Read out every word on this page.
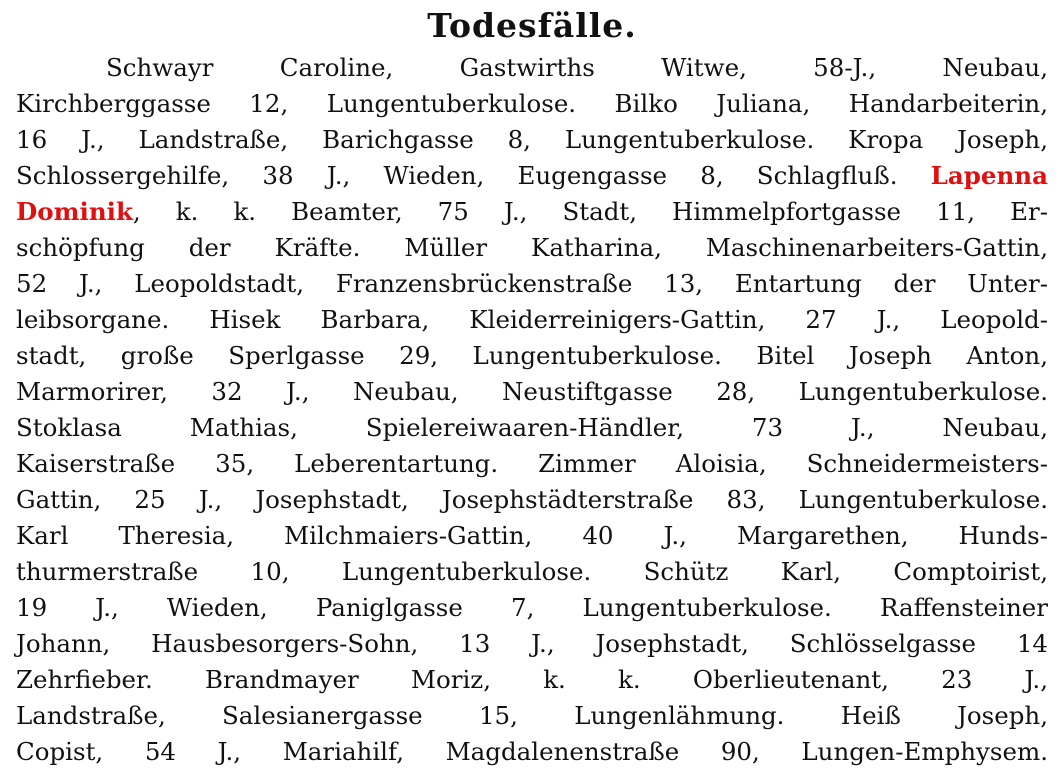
Todesfälle.
Schwayr Caroline, Gastwirths Witwe, 58-J., Neubau,
Kirchberggasse 12, Lungentuberkulose. Bilko Juliana, Handarbeiterin,
16 J., Landstraße, Barichgasse 8, Lungentuberkulose. Kropa Joseph,
Schlossergehilfe, 38 J., Wieden, Eugengasse 8, Schlagfluß. Lapenna
Dominik, k. k. Beamter, 75 J., Stadt, Himmelpfortgasse 11, Er-
schöpfung der Kräfte. Müller Katharina, Maschinenarbeiters-Gattin,
52 J., Leopoldstadt, Franzensbrückenstraße 13, Entartung der Unter-
leibsorgane. Hisek Barbara, Kleiderreinigers-Gattin, 27 J., Leopold-
stadt, große Sperlgasse 29, Lungentuberkulose. Bitel Joseph Anton,
Marmorirer, 32 J., Neubau, Neustiftgasse 28, Lungentuberkulose.
Stoklasa Mathias, Spielereiwaaren-Händler, 73 J., Neubau,
Kaiserstraße 35, Leberentartung. Zimmer Aloisia, Schneidermeisters-
Gattin, 25 J., Josephstadt, Josephstädterstraße 83, Lungentuberkulose.
Karl Theresia, Milchmaiers-Gattin, 40 J., Margarethen, Hunds-
thurmerstraße 10, Lungentuberkulose. Schütz Karl, Comptoirist,
19 J., Wieden, Paniglgasse 7, Lungentuberkulose. Raffensteiner
Johann, Hausbesorgers-Sohn, 13 J., Josephstadt, Schlösselgasse 14
Zehrfieber. Brandmayer Moriz, k. k. Oberlieutenant, 23 J.,
Landstraße, Salesianergasse 15, Lungenlähmung. Heiß Joseph,
Copist, 54 J., Mariahilf, Magdalenenstraße 90, Lungen-Emphysem.
